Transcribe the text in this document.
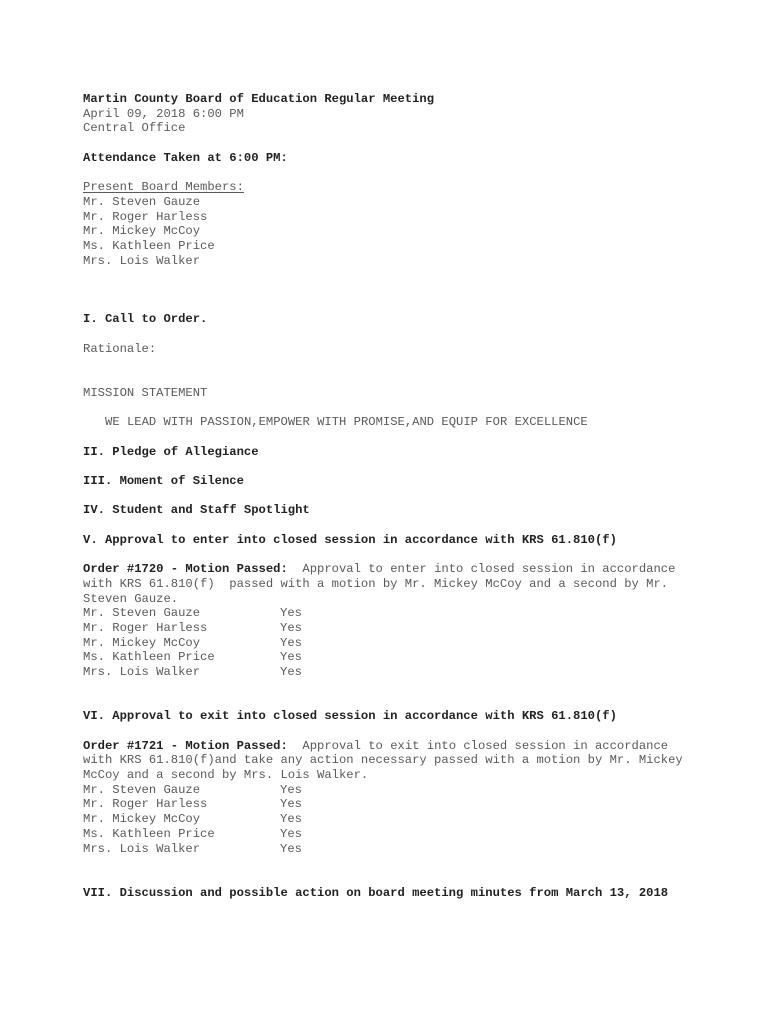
Martin County Board of Education Regular Meeting
April 09, 2018 6:00 PM
Central Office
Attendance Taken at 6:00 PM:
Present Board Members:
Mr. Steven Gauze
Mr. Roger Harless
Mr. Mickey McCoy
Ms. Kathleen Price
Mrs. Lois Walker
I. Call to Order.
Rationale:
MISSION STATEMENT
WE LEAD WITH PASSION,EMPOWER WITH PROMISE,AND EQUIP FOR EXCELLENCE
II. Pledge of Allegiance
III. Moment of Silence
IV. Student and Staff Spotlight
V. Approval to enter into closed session in accordance with KRS 61.810(f)
Order #1720 - Motion Passed:  Approval to enter into closed session in accordance with KRS 61.810(f)  passed with a motion by Mr. Mickey McCoy and a second by Mr. Steven Gauze.
Mr. Steven Gauze	Yes
Mr. Roger Harless	Yes
Mr. Mickey McCoy	Yes
Ms. Kathleen Price	Yes
Mrs. Lois Walker	Yes
VI. Approval to exit into closed session in accordance with KRS 61.810(f)
Order #1721 - Motion Passed:  Approval to exit into closed session in accordance with KRS 61.810(f)and take any action necessary passed with a motion by Mr. Mickey McCoy and a second by Mrs. Lois Walker.
Mr. Steven Gauze	Yes
Mr. Roger Harless	Yes
Mr. Mickey McCoy	Yes
Ms. Kathleen Price	Yes
Mrs. Lois Walker	Yes
VII. Discussion and possible action on board meeting minutes from March 13, 2018
